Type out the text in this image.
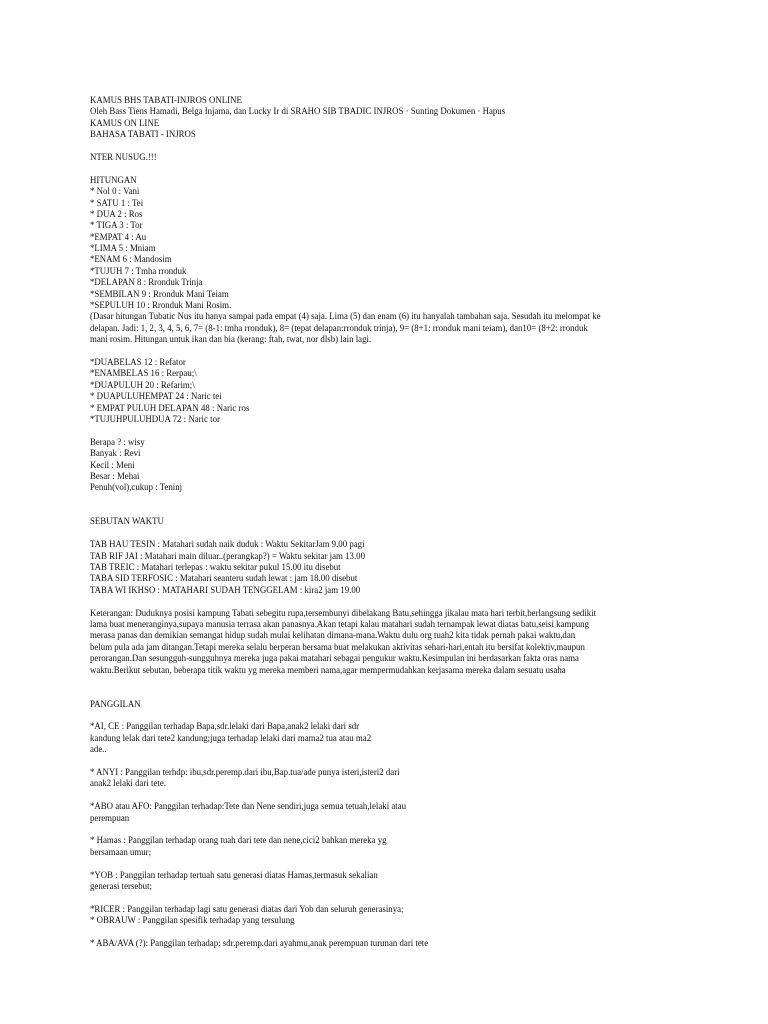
KAMUS BHS TABATI-INJROS ONLINE
Oleh Bass Tiens Hamadi, Belga Injama, dan Lucky Ir di SRAHO SIB TBADIC INJROS · Sunting Dokumen · Hapus
KAMUS ON LINE
BAHASA TABATI - INJROS
NTER NUSUG.!!!
HITUNGAN
* Nol 0 : Vani
* SATU 1 : Tei
* DUA 2 : Ros
* TIGA 3 : Tor
*EMPAT 4 : Au
*LIMA 5 : Mniam
*ENAM 6 : Mandosim
*TUJUH 7 : Tmha rronduk
*DELAPAN 8 : Rronduk Trinja
*SEMBILAN 9 : Rronduk Mani Teiam
*SEPULUH 10 : Rronduk Mani Rosim.
(Dasar hitungan Tubatic Nus itu hanya sampai pada empat (4) saja. Lima (5) dan enam (6) itu hanyalah tambahan saja. Sesudah itu melompat ke
delapan. Jadi: 1, 2, 3, 4, 5, 6, 7= (8-1: tmha rronduk), 8= (tepat delapan:rronduk trinja), 9= (8+1: rronduk mani teiam), dan10= (8+2: rronduk
mani rosim. Hitungan untuk ikan dan bia (kerang: ftah, twat, nor dlsb) lain lagi.
*DUABELAS 12 : Refator
*ENAMBELAS 16 : Rerpau;\
*DUAPULUH 20 : Refarim;\
* DUAPULUHEMPAT 24 : Naric tei
* EMPAT PULUH DELAPAN 48 : Naric ros
*TUJUHPULUHDUA 72 : Naric tor
Berapa ? : wisy
Banyak : Revi
Kecil : Meni
Besar : Mehai
Penuh(vol),cukup : Teninj
SEBUTAN WAKTU
TAB HAU TESIN : Matahari sudah naik duduk : Waktu SekitarJam 9.00 pagi
TAB RIF JAI : Matahari main diluar..(perangkap?) = Waktu sekitar jam 13.00
TAB TREIC : Matahari terlepas : waktu sekitar pukul 15.00 itu disebut
TABA SID TERFOSIC : Matahari seanteru sudah lewat : jam 18.00 disebut
TABA WI IKHSO : MATAHARI SUDAH TENGGELAM : kira2 jam 19.00
Keterangan: Duduknya posisi kampung Tabati sebegitu rupa,tersembunyi dibelakang Batu,sehingga jikalau mata hari terbit,berlangsung sedikit
lama buat meneranginya,supaya manusia terrasa akan panasnya.Akan tetapi kalau matahari sudah ternampak lewat diatas batu,seisi kampung
merasa panas dan demikian semangat hidup sudah mulai kelihatan dimana-mana.Waktu dulu org tuah2 kita tidak pernah pakai waktu,dan
belum pula ada jam ditangan.Tetapi mereka selalu berperan bersama buat melakukan aktivitas sehari-hari,entah itu bersifat kolektiv,maupun
perorangan.Dan sesungguh-sungguhnya mereka juga pakai matahari sebagai pengukur waktu.Kesimpulan ini berdasarkan fakta oras nama
waktu.Berikut sebutan, beberapa titik waktu yg mereka memberi nama,agar mempermudahkan kerjasama mereka dalam sesuatu usaha
PANGGILAN
*AI, CE : Panggilan terhadap Bapa,sdr.lelaki dari Bapa,anak2 lelaki dari sdr
kandung lelak dari tete2 kandung;juga terhadap lelaki dari mama2 tua atau ma2
ade..
* ANYI : Panggilan terhdp: ibu,sdr.peremp.dari ibu,Bap.tua/ade punya isteri,isteri2 dari
anak2 lelaki dari tete.
*ABO atau AFO: Panggilan terhadap:Tete dan Nene sendiri,juga semua tetuah,lelaki atau
perempuan
* Hamas : Panggilan terhadap orang tuah dari tete dan nene,cici2 bahkan mereka yg
bersamaan umur;
*YOB : Panggilan terhadap tertuah satu generasi diatas Hamas,termasuk sekalian
generasi tersebut;
*RICER : Panggilan terhadap lagi satu generasi diatas dari Yob dan seluruh generasinya;
* OBRAUW : Panggilan spesifik terhadap yang tersulung
* ABA/AVA (?): Panggilan terhadap: sdr.peremp.dari ayahmu,anak perempuan turunan dari tete
